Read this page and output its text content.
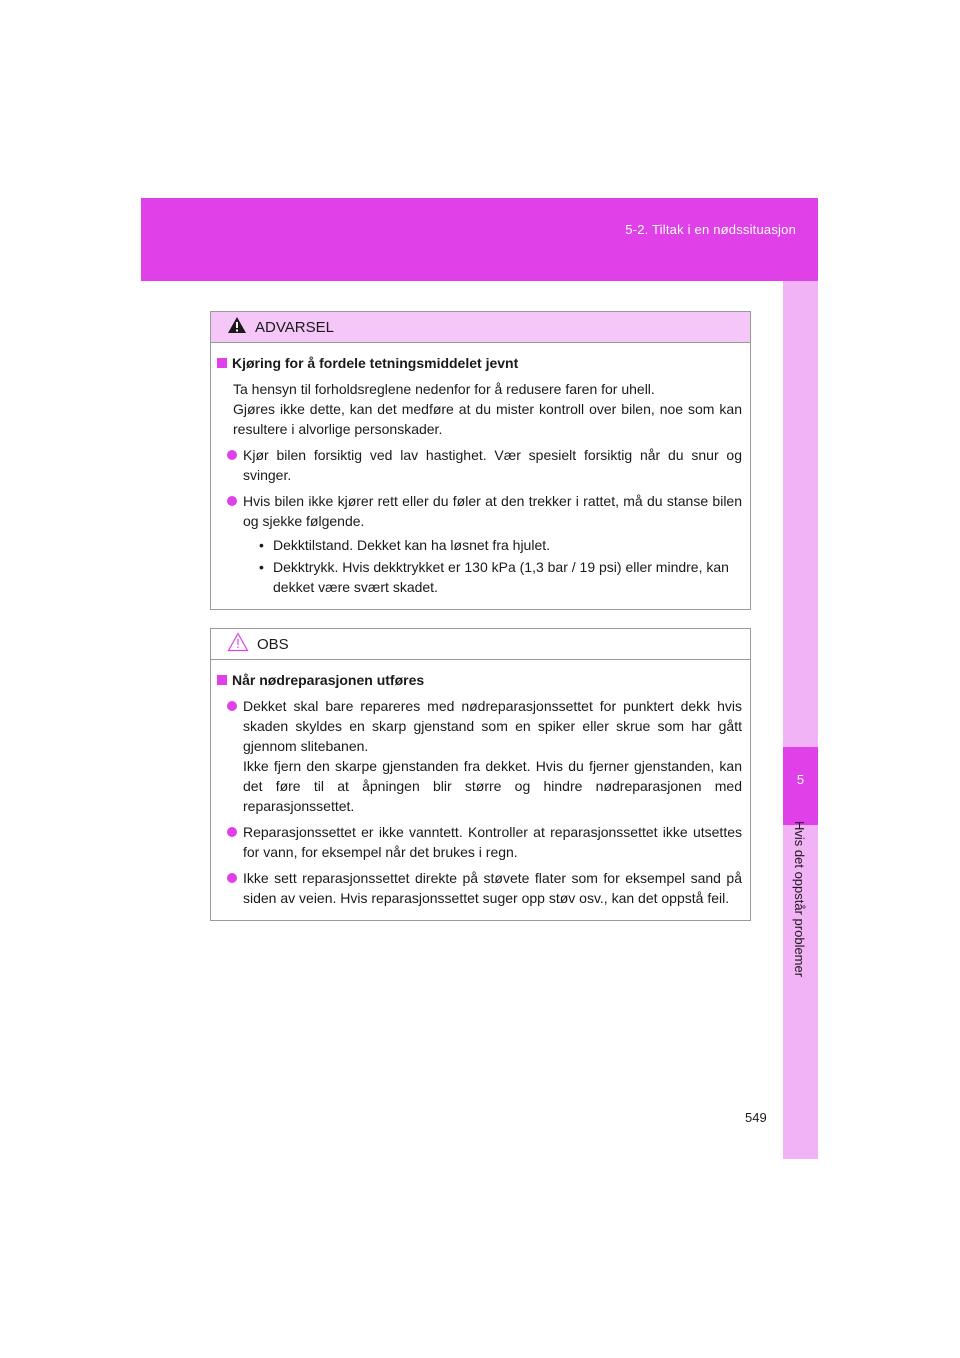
5-2. Tiltak i en nødssituasjon
5
Hvis det oppstår problemer
ADVARSEL
Kjøring for å fordele tetningsmiddelet jevnt
Ta hensyn til forholdsreglene nedenfor for å redusere faren for uhell.
Gjøres ikke dette, kan det medføre at du mister kontroll over bilen, noe som kan resultere i alvorlige personskader.
Kjør bilen forsiktig ved lav hastighet. Vær spesielt forsiktig når du snur og svinger.
Hvis bilen ikke kjører rett eller du føler at den trekker i rattet, må du stanse bilen og sjekke følgende.
• Dekktilstand. Dekket kan ha løsnet fra hjulet.
• Dekktrykk. Hvis dekktrykket er 130 kPa (1,3 bar / 19 psi) eller mindre, kan dekket være svært skadet.
OBS
Når nødreparasjonen utføres
Dekket skal bare repareres med nødreparasjonssettet for punktert dekk hvis skaden skyldes en skarp gjenstand som en spiker eller skrue som har gått gjennom slitebanen.
Ikke fjern den skarpe gjenstanden fra dekket. Hvis du fjerner gjenstanden, kan det føre til at åpningen blir større og hindre nødreparasjonen med reparasjonssettet.
Reparasjonssettet er ikke vanntett. Kontroller at reparasjonssettet ikke utsettes for vann, for eksempel når det brukes i regn.
Ikke sett reparasjonssettet direkte på støvete flater som for eksempel sand på siden av veien. Hvis reparasjonssettet suger opp støv osv., kan det oppstå feil.
549
